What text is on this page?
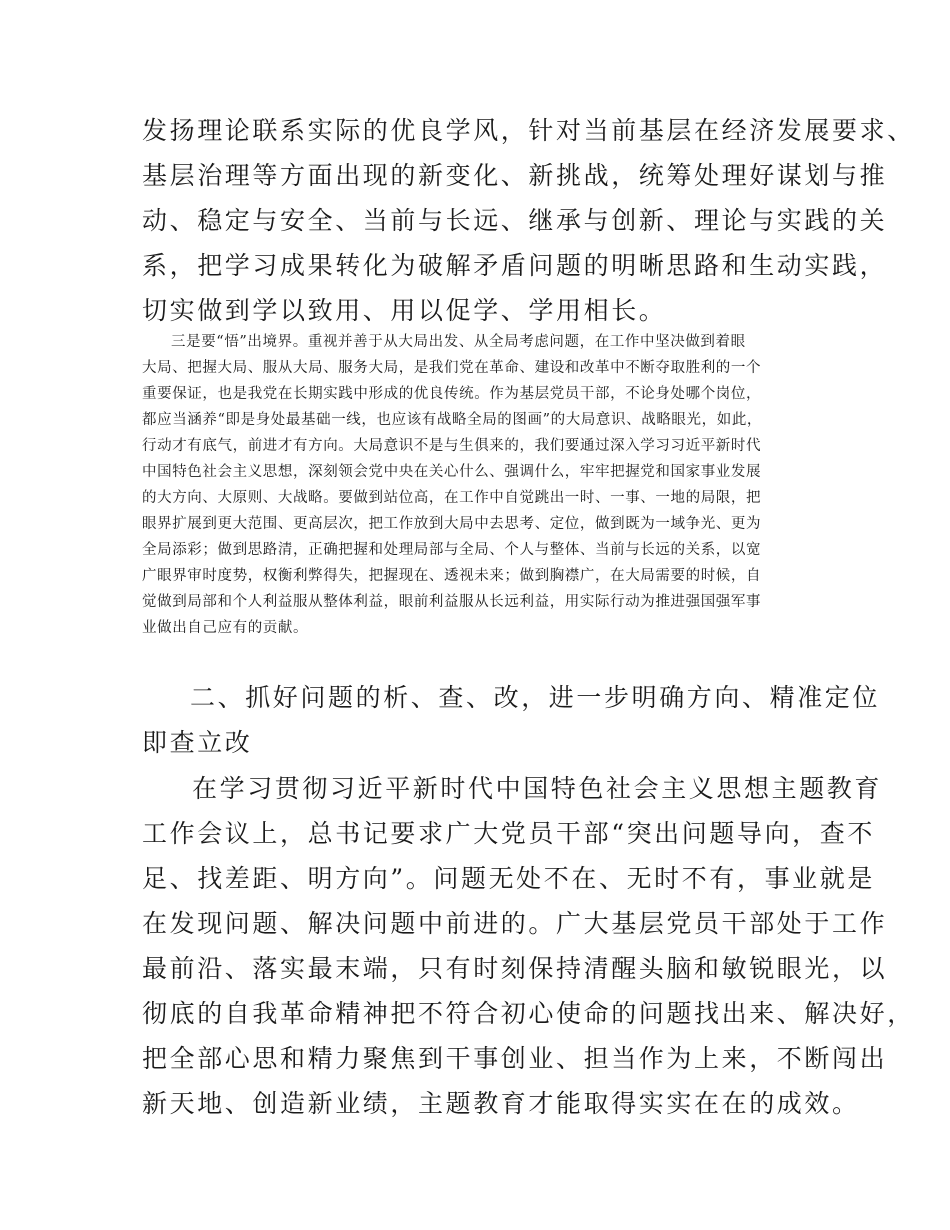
发扬理论联系实际的优良学风，针对当前基层在经济发展要求、
基层治理等方面出现的新变化、新挑战，统筹处理好谋划与推
动、稳定与安全、当前与长远、继承与创新、理论与实践的关
系，把学习成果转化为破解矛盾问题的明晰思路和生动实践，
切实做到学以致用、用以促学、学用相长。
三是要“悟”出境界。重视并善于从大局出发、从全局考虑问题，在工作中坚决做到着眼
大局、把握大局、服从大局、服务大局，是我们党在革命、建设和改革中不断夺取胜利的一个
重要保证，也是我党在长期实践中形成的优良传统。作为基层党员干部，不论身处哪个岗位，
都应当涵养“即是身处最基础一线，也应该有战略全局的图画”的大局意识、战略眼光，如此，
行动才有底气，前进才有方向。大局意识不是与生俱来的，我们要通过深入学习习近平新时代
中国特色社会主义思想，深刻领会党中央在关心什么、强调什么，牢牢把握党和国家事业发展
的大方向、大原则、大战略。要做到站位高，在工作中自觉跳出一时、一事、一地的局限，把
眼界扩展到更大范围、更高层次，把工作放到大局中去思考、定位，做到既为一域争光、更为
全局添彩；做到思路清，正确把握和处理局部与全局、个人与整体、当前与长远的关系，以宽
广眼界审时度势，权衡利弊得失，把握现在、透视未来；做到胸襟广，在大局需要的时候，自
觉做到局部和个人利益服从整体利益，眼前利益服从长远利益，用实际行动为推进强国强军事
业做出自己应有的贡献。
二、抓好问题的析、查、改，进一步明确方向、精准定位
即查立改
在学习贯彻习近平新时代中国特色社会主义思想主题教育
工作会议上，总书记要求广大党员干部“突出问题导向，查不
足、找差距、明方向”。问题无处不在、无时不有，事业就是
在发现问题、解决问题中前进的。广大基层党员干部处于工作
最前沿、落实最末端，只有时刻保持清醒头脑和敏锐眼光，以
彻底的自我革命精神把不符合初心使命的问题找出来、解决好，
把全部心思和精力聚焦到干事创业、担当作为上来，不断闯出
新天地、创造新业绩，主题教育才能取得实实在在的成效。
